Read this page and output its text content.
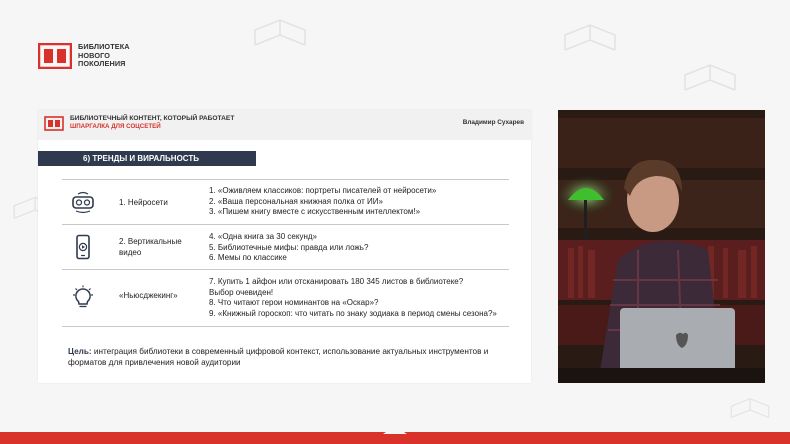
БИБЛИОТЕКА
НОВОГО
ПОКОЛЕНИЯ
БИБЛИОТЕЧНЫЙ КОНТЕНТ, КОТОРЫЙ РАБОТАЕТ
ШПАРГАЛКА ДЛЯ СОЦСЕТЕЙ
Владимир Сухарев
6) ТРЕНДЫ И ВИРАЛЬНОСТЬ
1. Нейросети
1. «Оживляем классиков: портреты писателей от нейросети»
2. «Ваша персональная книжная полка от ИИ»
3. «Пишем книгу вместе с искусственным интеллектом!»
2. Вертикальные
видео
4. «Одна книга за 30 секунд»
5. Библиотечные мифы: правда или ложь?
6. Мемы по классике
«Ньюсджекинг»
7. Купить 1 айфон или отсканировать 180 345 листов в библиотеке?
Выбор очевиден!
8. Что читают герои номинантов на «Оскар»?
9. «Книжный гороскоп: что читать по знаку зодиака в период смены сезона?»
Цель: интеграция библиотеки в современный цифровой контекст, использование актуальных инструментов и форматов для привлечения новой аудитории
